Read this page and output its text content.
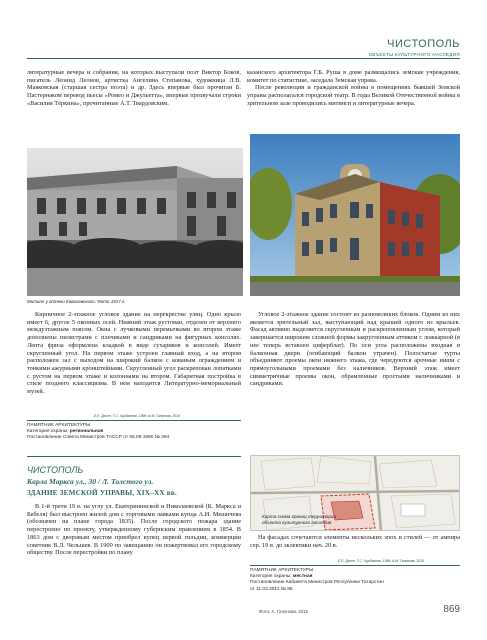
ЧИСТОПОЛЬ
ОБЪЕКТЫ КУЛЬТУРНОГО НАСЛЕДИЯ

литературные вечера и собрания, на которых выступали поэт Виктор Боков, писатель Леонид Леонов, артистка Ангелина Степанова, художница Л.В. Маяковская (старшая сестра поэта) и др. Здесь впервые был прочитан Б. Пастернаком перевод пьесы «Ромео и Джульетта», впервые прозвучали строки «Василия Тёркина», прочитанные А.Т. Твардовским.

казанского архитектора Г.Б. Руша в доме размещались земские учреждения, комитет по статистике, заседала Земская управа.

После революции и гражданской войны в помещениях бывшей Земской управы располагался городской театр. В годы Великой Отечественной войны в зрительном зале проводились митинги и литературные вечера.

Митинг у аптеки Ковалевского. Фото 1917 г.

Кирпичное 2-этажное угловое здание на перекрестке улиц. Одно крыло имеет 6, другое 5 оконных осей. Нижний этаж рустован, отделен от верхнего междуэтажным поясом. Окна с лучковыми перемычками во втором этаже дополнены пилястрами с плечиками и сандриками на фигурных консолях. Лента фриза оформлена кладкой в виде сухариков и консолей. Имеет скругленный угол. На первом этаже устроен главный вход, а на втором расположен зал с выходом на широкий балкон с кованым ограждением и тонкими ажурными кронштейнами. Скругленный угол раскрепован лопатками с рустом на первом этаже и колоннами на втором. Габаритная постройка в стиле позднего классицизма. В нем находится Литературно-мемориальный музей.

Е.Е. Доссе, Т.С. Чурбанова, 1999; А.М. Галунова, 2016

Угловое 2-этажное здание состоит из разновеликих блоков. Одним из них является зрительный зал, выступающий над крышей одного из крыльев. Фасад активно выделяется скругленным и раскреповленным углом, который завершается широким сложной формы закругленным аттиком с ложкарной (в нее теперь вставлен циферблат). По оси угла расположены входная и балконная двери (огибающий балкон утрачен). Полосчатые турты объединяют проемы окон нижнего этажа, где чередуются арочные ниши с прямоугольными проемами без наличников. Верхний этаж имеет симметричные проемы окон, обрамленные простыми наличниками и сандриками.

ПАМЯТНИК АРХИТЕКТУРЫ
Категория охраны: региональная
Постановление Совета Министров ТАССР от 06.09.1990 № 294
ЧИСТОПОЛЬ
Карла Маркса ул., 30 / Л. Толстого ул.
ЗДАНИЕ ЗЕМСКОЙ УПРАВЫ, XIX–XX вв.

В 1-й трети 19 в. на углу ул. Екатерининской и Николаевской (К. Маркса и Бебеля) был выстроен жилой дом с торговыми лавками купца А.И. Мешичева (обозначен на плане города 1835). После городского пожара здание перестроено по проекту, утвержденному губернским правлением в 1854. В 1863 дом с дворовым местом приобрел купец первой гильдии, коммерции советник В.Л. Чельшев. В 1900 по завещанию он пожертвовал его городскому обществу. После перестройки по плану

Карта-схема границ территории
объекта культурного наследия

На фасадах сочетаются элементы нескольких эпох и стилей — от ампира сер. 19 в. до эклектики нач. 20 в.

Е.Е. Доссе, Т.С. Чурбанова, 1999; А.М. Галунова, 2016
ПАМЯТНИК АРХИТЕКТУРЫ
Категория охраны: местная
Постановление Кабинета Министров Республики Татарстан
от 11.02.2011 № 85
Фото: А. Галунова, 2015	869
